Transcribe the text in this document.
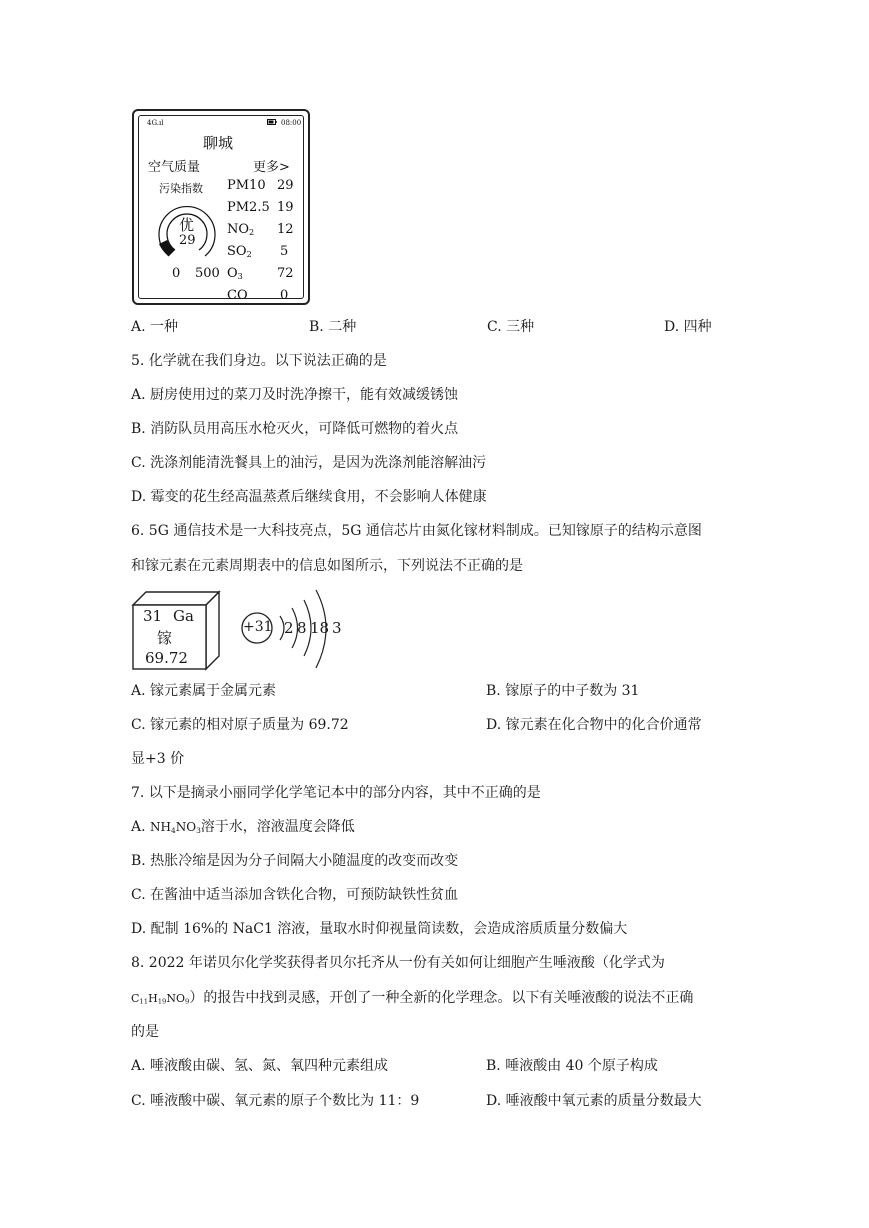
4G.ıl	08:00
聊城
空气质量	更多>
污染指数
优
29
0 500
PM10 29
PM2.5 19
$NO_2$ 12
$SO_2$ 5
$O_3$	72
CO 0
A. 一种	B. 二种	C. 三种	D. 四种
5. 化学就在我们身边。以下说法正确的是
A. 厨房使用过的菜刀及时洗净擦干，能有效减缓锈蚀
B. 消防队员用高压水枪灭火，可降低可燃物的着火点
C. 洗涤剂能清洗餐具上的油污，是因为洗涤剂能溶解油污
D. 霉变的花生经高温蒸煮后继续食用，不会影响人体健康
6. 5G 通信技术是一大科技亮点，5G 通信芯片由氮化镓材料制成。已知镓原子的结构示意图
和镓元素在元素周期表中的信息如图所示，下列说法不正确的是
31 Ga
镓
69.72
+31 2 8 18 3
A. 镓元素属于金属元素	B. 镓原子的中子数为 31
C. 镓元素的相对原子质量为 69.72	D. 镓元素在化合物中的化合价通常
显+3 价
7. 以下是摘录小丽同学化学笔记本中的部分内容，其中不正确的是
A. $NH_4NO_3$溶于水，溶液温度会降低
B. 热胀冷缩是因为分子间隔大小随温度的改变而改变
C. 在酱油中适当添加含铁化合物，可预防缺铁性贫血
D. 配制 16%的 NaC1 溶液，量取水时仰视量筒读数，会造成溶质质量分数偏大
8. 2022 年诺贝尔化学奖获得者贝尔托齐从一份有关如何让细胞产生唾液酸（化学式为
$C_{11}H_{19}NO_9$）的报告中找到灵感，开创了一种全新的化学理念。以下有关唾液酸的说法不正确
的是
A. 唾液酸由碳、氢、氮、氧四种元素组成	B. 唾液酸由 40 个原子构成
C. 唾液酸中碳、氧元素的原子个数比为 11：9	D. 唾液酸中氧元素的质量分数最大
